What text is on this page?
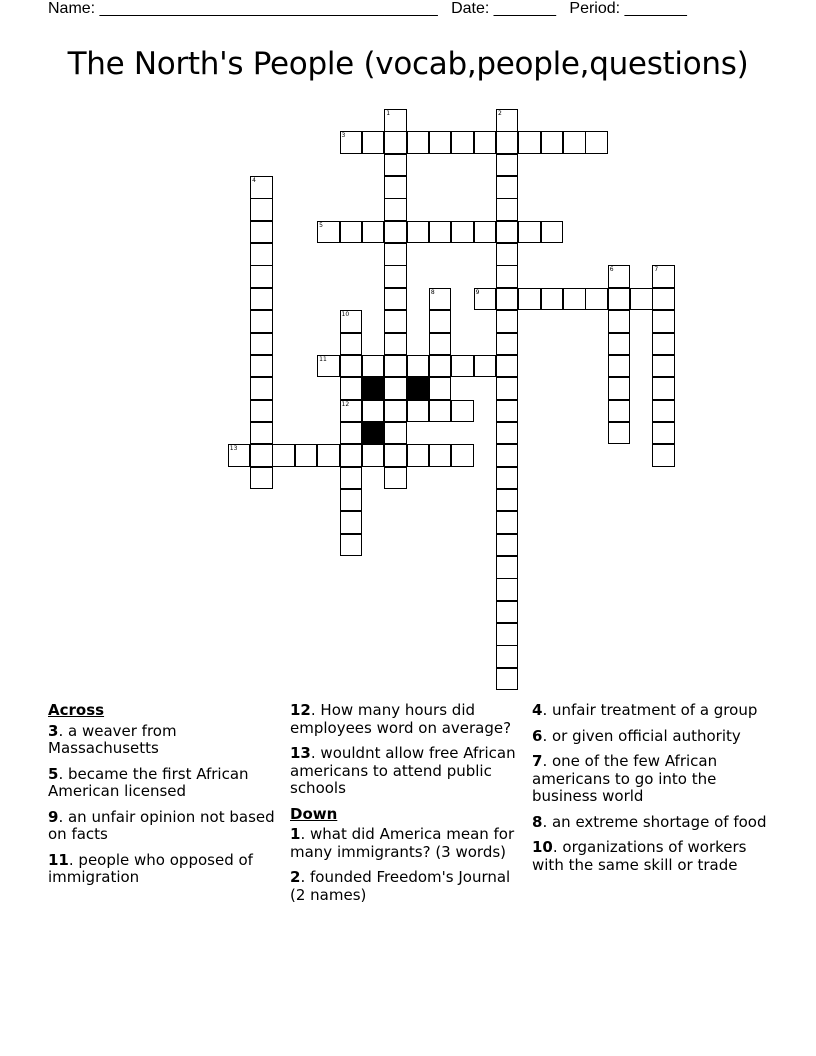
Name: ______________________________________ Date: _______ Period: _______
The North's People (vocab,people,questions)
3
5
9
11
12
13
1	2
4
6	7
8
10
Across
3. a weaver from Massachusetts
5. became the first African American licensed
9. an unfair opinion not based on facts
11. people who opposed of immigration
12. How many hours did employees word on average?
13. wouldnt allow free African americans to attend public schools
Down
1. what did America mean for many immigrants? (3 words)
2. founded Freedom's Journal (2 names)
4. unfair treatment of a group
6. or given official authority
7. one of the few African americans to go into the business world
8. an extreme shortage of food
10. organizations of workers with the same skill or trade
